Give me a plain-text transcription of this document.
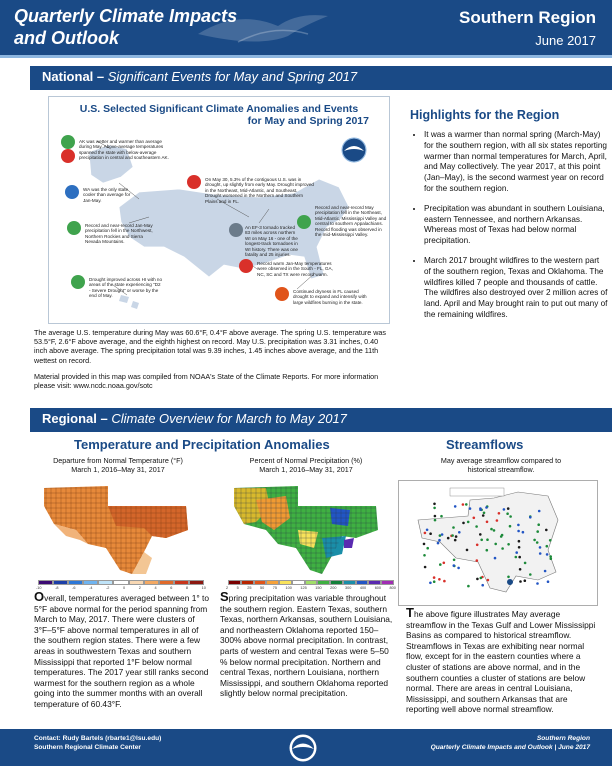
Quarterly Climate Impacts
and Outlook
Southern Region
June 2017
National – Significant Events for May and Spring 2017
U.S. Selected Significant Climate Anomalies and Events
for May and Spring 2017
AK was wetter and warmer than average during May. Above-average temperatures spanned the state with below-average precipitation in central and southeastern AK.
WA was the only state cooler than average for Jan-May.
Record and near-record Jan-May precipitation fell in the Northwest, Northern Rockies and Sierra Nevada Mountains.
On May 30, 5.3% of the contiguous U.S. was in drought, up slightly from early May. Drought improved in the Northeast, Mid-Atlantic, and Southeast. Drought worsened in the Northern and Southern Plains and in FL.
An EF-3 tornado tracked 83 miles across northern WI on May 16 - one of the longest-track tornadoes in WI history. There was one fatality and 25 injuries.
Record and near-record May precipitation fell in the Northeast, Mid-Atlantic, Mississippi Valley and central to southern Appalachians. Record flooding was observed in the mid-Mississippi Valley.
Record warm Jan-May temperatures were observed in the South - FL, GA, NC, SC and TX were record warm.
Drought improved across HI with no areas of the state experiencing "D2 - Severe Drought" or worse by the end of May.
Continued dryness in FL caused drought to expand and intensify with large wildfires burning in the state.
The average U.S. temperature during May was 60.6°F, 0.4°F above average. The spring U.S. temperature was 53.5°F, 2.6°F above average, and the eighth highest on record. May U.S. precipitation was 3.31 inches, 0.40 inch above average. The spring precipitation total was 9.39 inches, 1.45 inches above average, and the 11th wettest on record.
Material provided in this map was compiled from NOAA's State of the Climate Reports. For more information please visit: www.ncdc.noaa.gov/sotc
Highlights for the Region
• It was a warmer than normal spring (March-May) for the southern region, with all six states reporting warmer than normal temperatures for March, April, and May collectively. The year 2017, at this point (Jan–May), is the second warmest year on record for the southern region.
• Precipitation was abundant in southern Louisiana, eastern Tennessee, and northern Arkansas. Whereas most of Texas had below normal precipitation.
• March 2017 brought wildfires to the western part of the southern region, Texas and Oklahoma. The wildfires killed 7 people and thousands of cattle. The wildfires also destroyed over 2 million acres of land. April and May brought rain to put out many of the remaining wildfires.
Regional – Climate Overview for March to May 2017
Temperature and Precipitation Anomalies
Departure from Normal Temperature (°F)
March 1, 2016–May 31, 2017
Percent of Normal Precipitation (%)
March 1, 2016–May 31, 2017
-10	-8	-6	-4	-2	0	2	4	6	8	10	2 5 25 50 75 100 125 150 200 300 400 600 800
Streamflows
May average streamflow compared to
historical streamflow.
Overall, temperatures averaged between 1° to 5°F above normal for the period spanning from March to May, 2017. There were clusters of 3°F–5°F above normal temperatures in all of the southern region states. There were a few areas in southwestern Texas and southern Mississippi that reported 1°F below normal temperatures. The 2017 year still ranks second warmest for the southern region as a whole going into the summer months with an overall temperature of 60.43°F.
Spring precipitation was variable throughout the southern region. Eastern Texas, southern Texas, northern Arkansas, southern Louisiana, and northeastern Oklahoma reported 150–300% above normal precipitation. In contrast, parts of western and central Texas were 5–50 % below normal precipitation. Northern and central Texas, northern Louisiana, northern Mississippi, and southern Oklahoma reported slightly below normal precipitation.
The above figure illustrates May average streamflow in the Texas Gulf and Lower Mississippi Basins as compared to historical streamflow. Streamflows in Texas are exhibiting near normal flow, except for in the eastern counties where a cluster of stations are above normal, and in the southern counties a cluster of stations are below normal. There are areas in central Louisiana, Mississippi, and southern Arkansas that are reporting well above normal streamflow.
Contact: Rudy Bartels (rbarte1@lsu.edu)
Southern Regional Climate Center
Southern Region
Quarterly Climate Impacts and Outlook | June 2017
